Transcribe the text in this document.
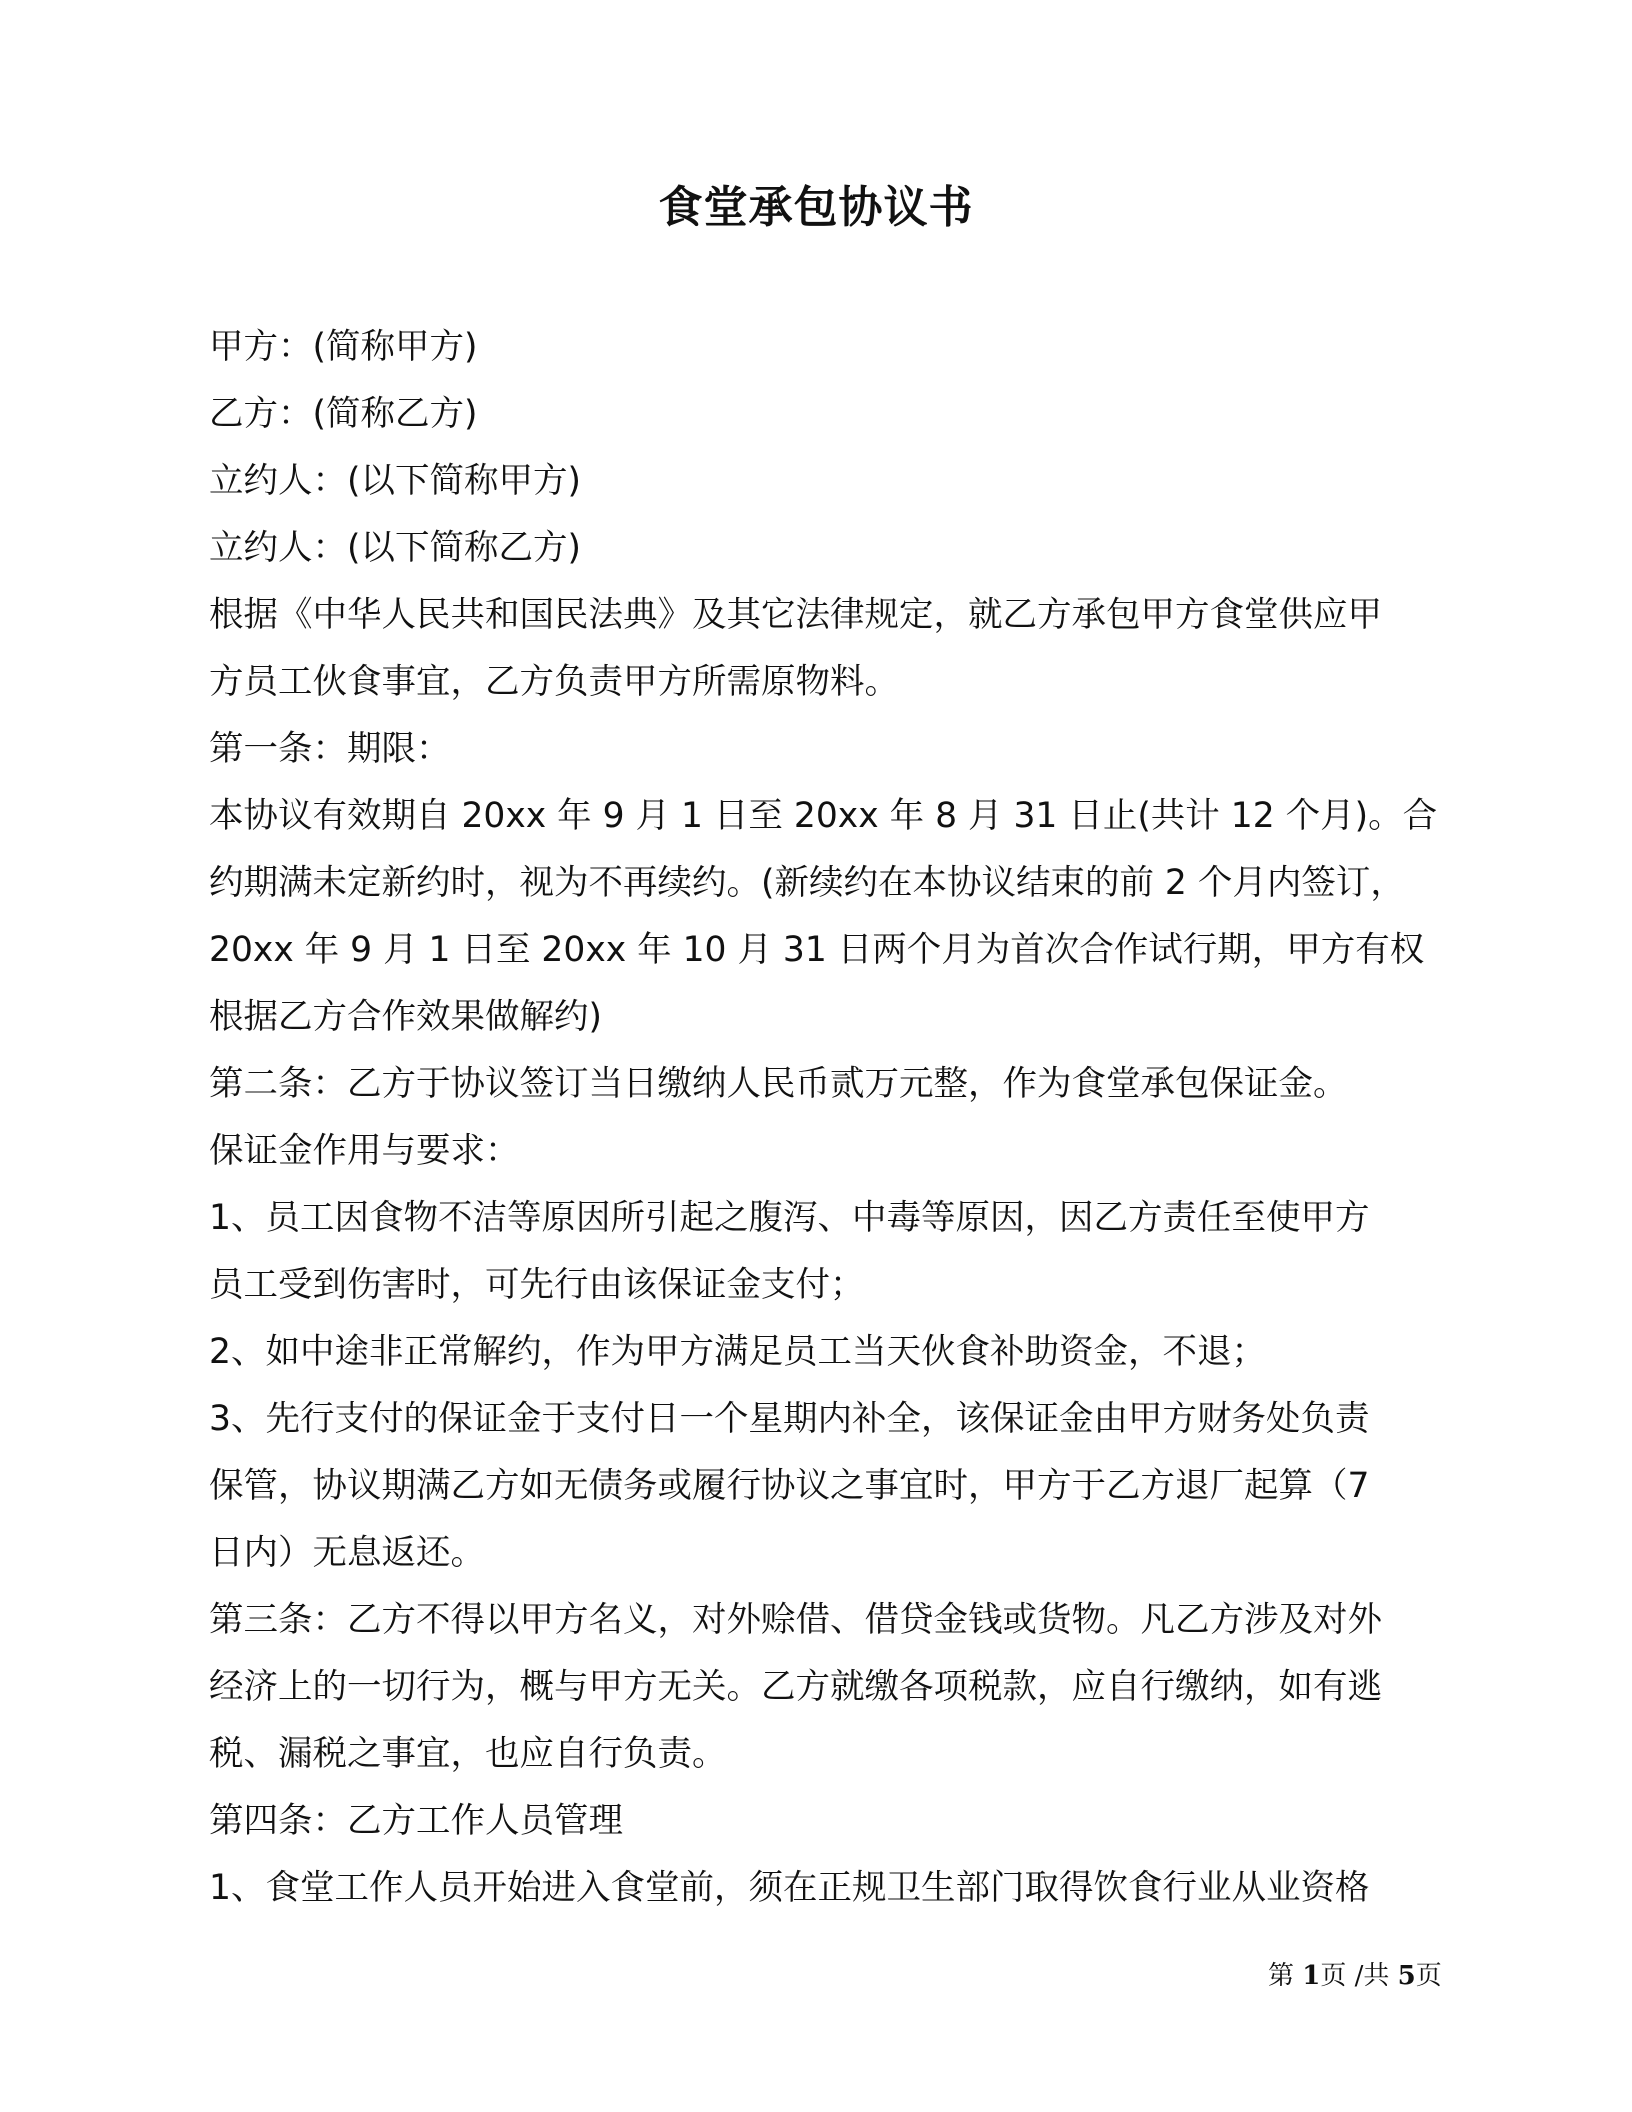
食堂承包协议书

甲方：(简称甲方)

乙方：(简称乙方)

立约人：(以下简称甲方)

立约人：(以下简称乙方)

根据《中华人民共和国民法典》及其它法律规定，就乙方承包甲方食堂供应甲

方员工伙食事宜，乙方负责甲方所需原物料。

第一条：期限：

本协议有效期自 20xx 年 9 月 1 日至 20xx 年 8 月 31 日止(共计 12 个月)。合

约期满未定新约时，视为不再续约。(新续约在本协议结束的前 2 个月内签订，

20xx 年 9 月 1 日至 20xx 年 10 月 31 日两个月为首次合作试行期，甲方有权

根据乙方合作效果做解约)

第二条：乙方于协议签订当日缴纳人民币贰万元整，作为食堂承包保证金。

保证金作用与要求：

1、员工因食物不洁等原因所引起之腹泻、中毒等原因，因乙方责任至使甲方

员工受到伤害时，可先行由该保证金支付；

2、如中途非正常解约，作为甲方满足员工当天伙食补助资金，不退；

3、先行支付的保证金于支付日一个星期内补全，该保证金由甲方财务处负责

保管，协议期满乙方如无债务或履行协议之事宜时，甲方于乙方退厂起算（7

日内）无息返还。

第三条：乙方不得以甲方名义，对外赊借、借贷金钱或货物。凡乙方涉及对外

经济上的一切行为，概与甲方无关。乙方就缴各项税款，应自行缴纳，如有逃

税、漏税之事宜，也应自行负责。

第四条：乙方工作人员管理

1、食堂工作人员开始进入食堂前，须在正规卫生部门取得饮食行业从业资格

第 1页 /共 5页
